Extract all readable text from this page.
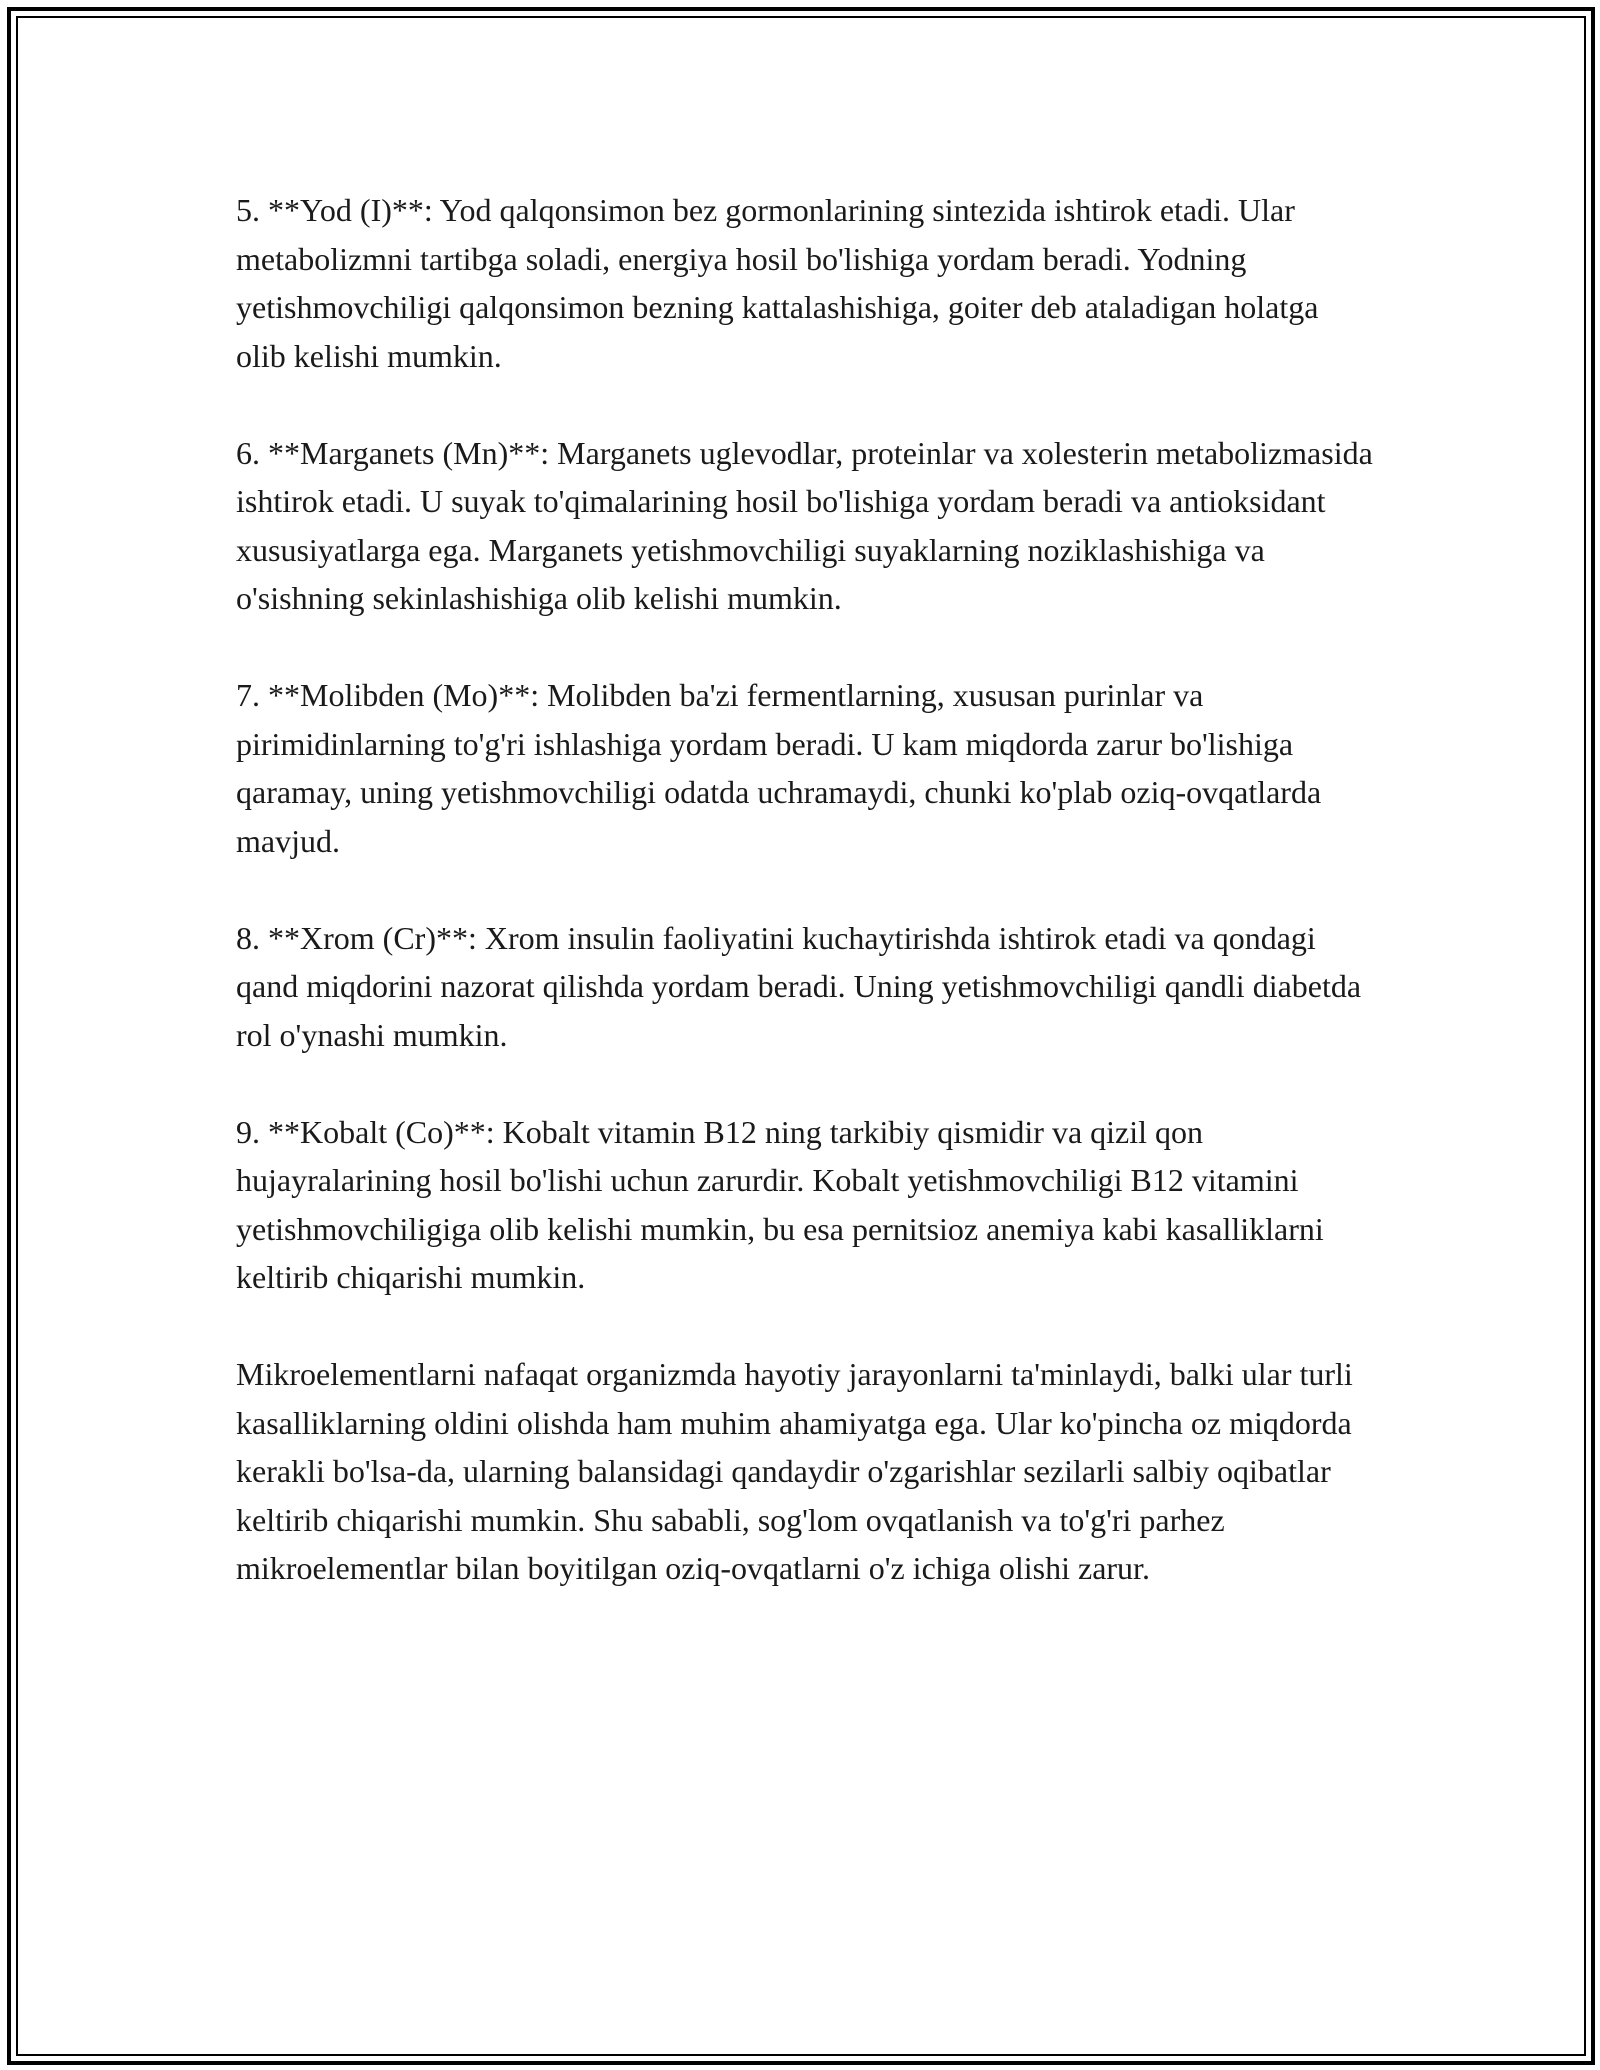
5. **Yod (I)**: Yod qalqonsimon bez gormonlarining sintezida ishtirok etadi. Ular metabolizmni tartibga soladi, energiya hosil bo'lishiga yordam beradi. Yodning yetishmovchiligi qalqonsimon bezning kattalashishiga, goiter deb ataladigan holatga olib kelishi mumkin.

6. **Marganets (Mn)**: Marganets uglevodlar, proteinlar va xolesterin metabolizmasida ishtirok etadi. U suyak to'qimalarining hosil bo'lishiga yordam beradi va antioksidant xususiyatlarga ega. Marganets yetishmovchiligi suyaklarning noziklashishiga va o'sishning sekinlashishiga olib kelishi mumkin.

7. **Molibden (Mo)**: Molibden ba'zi fermentlarning, xususan purinlar va pirimidinlarning to'g'ri ishlashiga yordam beradi. U kam miqdorda zarur bo'lishiga qaramay, uning yetishmovchiligi odatda uchramaydi, chunki ko'plab oziq-ovqatlarda mavjud.

8. **Xrom (Cr)**: Xrom insulin faoliyatini kuchaytirishda ishtirok etadi va qondagi qand miqdorini nazorat qilishda yordam beradi. Uning yetishmovchiligi qandli diabetda rol o'ynashi mumkin.

9. **Kobalt (Co)**: Kobalt vitamin B12 ning tarkibiy qismidir va qizil qon hujayralarining hosil bo'lishi uchun zarurdir. Kobalt yetishmovchiligi B12 vitamini yetishmovchiligiga olib kelishi mumkin, bu esa pernitsioz anemiya kabi kasalliklarni keltirib chiqarishi mumkin.

Mikroelementlarni nafaqat organizmda hayotiy jarayonlarni ta'minlaydi, balki ular turli kasalliklarning oldini olishda ham muhim ahamiyatga ega. Ular ko'pincha oz miqdorda kerakli bo'lsa-da, ularning balansidagi qandaydir o'zgarishlar sezilarli salbiy oqibatlar keltirib chiqarishi mumkin. Shu sababli, sog'lom ovqatlanish va to'g'ri parhez mikroelementlar bilan boyitilgan oziq-ovqatlarni o'z ichiga olishi zarur.
